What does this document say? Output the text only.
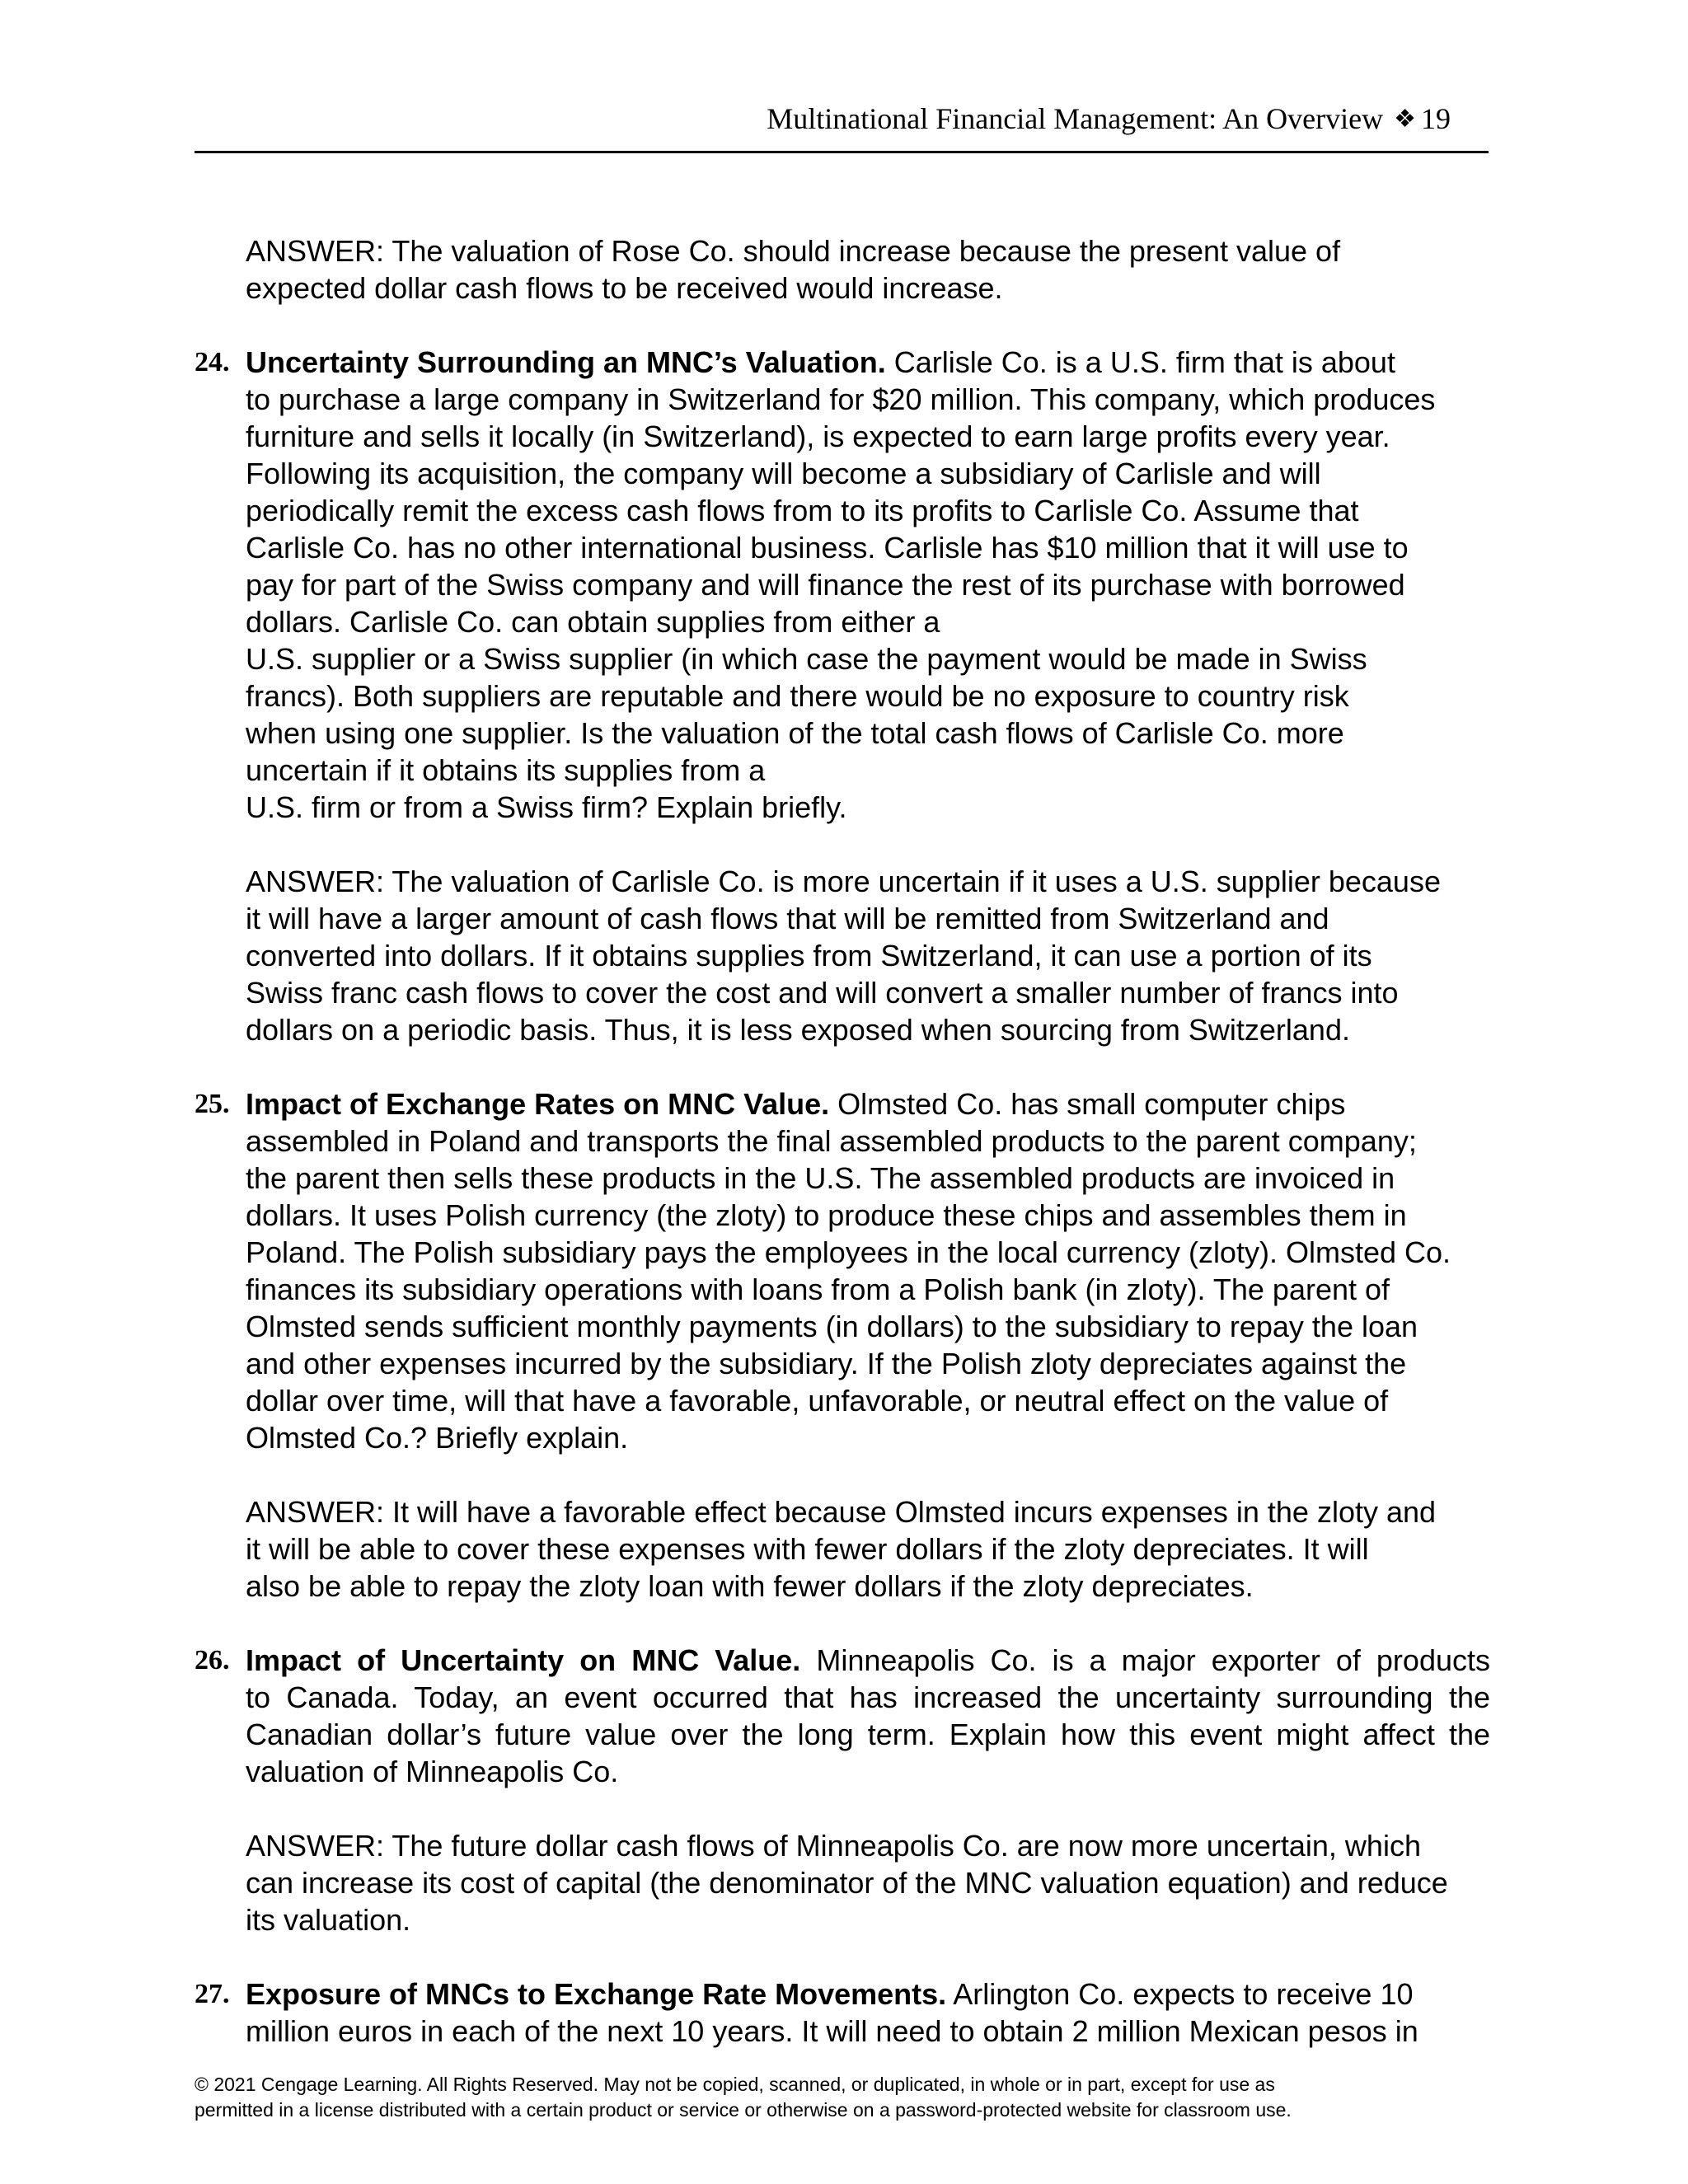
Multinational Financial Management: An Overview ❖ 19
ANSWER: The valuation of Rose Co. should increase because the present value of
expected dollar cash flows to be received would increase.
24. Uncertainty Surrounding an MNC’s Valuation. Carlisle Co. is a U.S. firm that is about
to purchase a large company in Switzerland for $20 million. This company, which produces
furniture and sells it locally (in Switzerland), is expected to earn large profits every year.
Following its acquisition, the company will become a subsidiary of Carlisle and will
periodically remit the excess cash flows from to its profits to Carlisle Co. Assume that
Carlisle Co. has no other international business. Carlisle has $10 million that it will use to
pay for part of the Swiss company and will finance the rest of its purchase with borrowed
dollars. Carlisle Co. can obtain supplies from either a
U.S. supplier or a Swiss supplier (in which case the payment would be made in Swiss
francs). Both suppliers are reputable and there would be no exposure to country risk
when using one supplier. Is the valuation of the total cash flows of Carlisle Co. more
uncertain if it obtains its supplies from a
U.S. firm or from a Swiss firm? Explain briefly.
ANSWER: The valuation of Carlisle Co. is more uncertain if it uses a U.S. supplier because
it will have a larger amount of cash flows that will be remitted from Switzerland and
converted into dollars. If it obtains supplies from Switzerland, it can use a portion of its
Swiss franc cash flows to cover the cost and will convert a smaller number of francs into
dollars on a periodic basis. Thus, it is less exposed when sourcing from Switzerland.
25. Impact of Exchange Rates on MNC Value. Olmsted Co. has small computer chips
assembled in Poland and transports the final assembled products to the parent company;
the parent then sells these products in the U.S. The assembled products are invoiced in
dollars. It uses Polish currency (the zloty) to produce these chips and assembles them in
Poland. The Polish subsidiary pays the employees in the local currency (zloty). Olmsted Co.
finances its subsidiary operations with loans from a Polish bank (in zloty). The parent of
Olmsted sends sufficient monthly payments (in dollars) to the subsidiary to repay the loan
and other expenses incurred by the subsidiary. If the Polish zloty depreciates against the
dollar over time, will that have a favorable, unfavorable, or neutral effect on the value of
Olmsted Co.? Briefly explain.
ANSWER: It will have a favorable effect because Olmsted incurs expenses in the zloty and
it will be able to cover these expenses with fewer dollars if the zloty depreciates. It will
also be able to repay the zloty loan with fewer dollars if the zloty depreciates.
26. Impact of Uncertainty on MNC Value. Minneapolis Co. is a major exporter of products
to Canada. Today, an event occurred that has increased the uncertainty surrounding the
Canadian dollar’s future value over the long term. Explain how this event might affect the
valuation of Minneapolis Co.
ANSWER: The future dollar cash flows of Minneapolis Co. are now more uncertain, which
can increase its cost of capital (the denominator of the MNC valuation equation) and reduce
its valuation.
27. Exposure of MNCs to Exchange Rate Movements. Arlington Co. expects to receive 10
million euros in each of the next 10 years. It will need to obtain 2 million Mexican pesos in
© 2021 Cengage Learning. All Rights Reserved. May not be copied, scanned, or duplicated, in whole or in part, except for use as
permitted in a license distributed with a certain product or service or otherwise on a password-protected website for classroom use.
